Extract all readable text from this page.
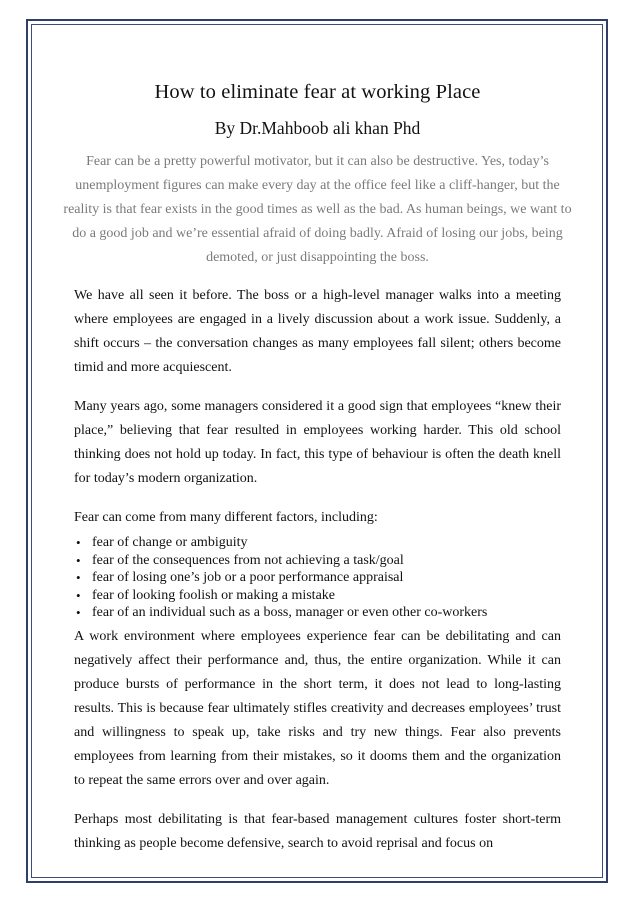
How to eliminate fear at working Place

By Dr.Mahboob ali khan Phd

Fear can be a pretty powerful motivator, but it can also be destructive. Yes, today’s unemployment figures can make every day at the office feel like a cliff-hanger, but the reality is that fear exists in the good times as well as the bad. As human beings, we want to do a good job and we’re essential afraid of doing badly. Afraid of losing our jobs, being demoted, or just disappointing the boss.

We have all seen it before. The boss or a high-level manager walks into a meeting where employees are engaged in a lively discussion about a work issue. Suddenly, a shift occurs – the conversation changes as many employees fall silent; others become timid and more acquiescent.

Many years ago, some managers considered it a good sign that employees “knew their place,” believing that fear resulted in employees working harder. This old school thinking does not hold up today. In fact, this type of behaviour is often the death knell for today’s modern organization.

Fear can come from many different factors, including:

• fear of change or ambiguity
• fear of the consequences from not achieving a task/goal
• fear of losing one’s job or a poor performance appraisal
• fear of looking foolish or making a mistake
• fear of an individual such as a boss, manager or even other co-workers

A work environment where employees experience fear can be debilitating and can negatively affect their performance and, thus, the entire organization. While it can produce bursts of performance in the short term, it does not lead to long-lasting results. This is because fear ultimately stifles creativity and decreases employees’ trust and willingness to speak up, take risks and try new things. Fear also prevents employees from learning from their mistakes, so it dooms them and the organization to repeat the same errors over and over again.

Perhaps most debilitating is that fear-based management cultures foster short-term thinking as people become defensive, search to avoid reprisal and focus on
